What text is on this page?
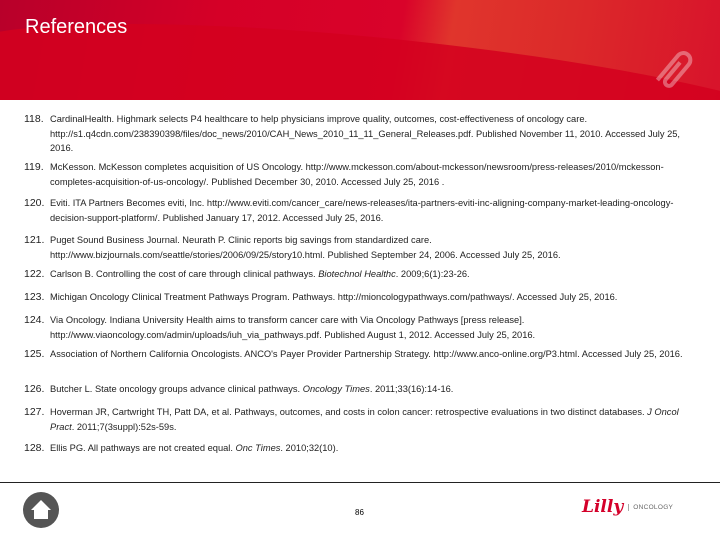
References
118. CardinalHealth. Highmark selects P4 healthcare to help physicians improve quality, outcomes, cost-effectiveness of oncology care. http://s1.q4cdn.com/238390398/files/doc_news/2010/CAH_News_2010_11_11_General_Releases.pdf. Published November 11, 2010. Accessed July 25, 2016.
119. McKesson. McKesson completes acquisition of US Oncology. http://www.mckesson.com/about-mckesson/newsroom/press-releases/2010/mckesson-completes-acquisition-of-us-oncology/. Published December 30, 2010. Accessed July 25, 2016 .
120. Eviti. ITA Partners Becomes eviti, Inc. http://www.eviti.com/cancer_care/news-releases/ita-partners-eviti-inc-aligning-company-market-leading-oncology-decision-support-platform/. Published January 17, 2012. Accessed July 25, 2016.
121. Puget Sound Business Journal. Neurath P. Clinic reports big savings from standardized care. http://www.bizjournals.com/seattle/stories/2006/09/25/story10.html. Published September 24, 2006. Accessed July 25, 2016.
122. Carlson B. Controlling the cost of care through clinical pathways. Biotechnol Healthc. 2009;6(1):23-26.
123. Michigan Oncology Clinical Treatment Pathways Program. Pathways. http://mioncologypathways.com/pathways/. Accessed July 25, 2016.
124. Via Oncology. Indiana University Health aims to transform cancer care with Via Oncology Pathways [press release]. http://www.viaoncology.com/admin/uploads/iuh_via_pathways.pdf. Published August 1, 2012. Accessed July 25, 2016.
125. Association of Northern California Oncologists. ANCO's Payer Provider Partnership Strategy. http://www.anco-online.org/P3.html. Accessed July 25, 2016.
126. Butcher L. State oncology groups advance clinical pathways. Oncology Times. 2011;33(16):14-16.
127. Hoverman JR, Cartwright TH, Patt DA, et al. Pathways, outcomes, and costs in colon cancer: retrospective evaluations in two distinct databases. J Oncol Pract. 2011;7(3suppl):52s-59s.
128. Ellis PG. All pathways are not created equal. Onc Times. 2010;32(10).
86	Lilly	ONCOLOGY
